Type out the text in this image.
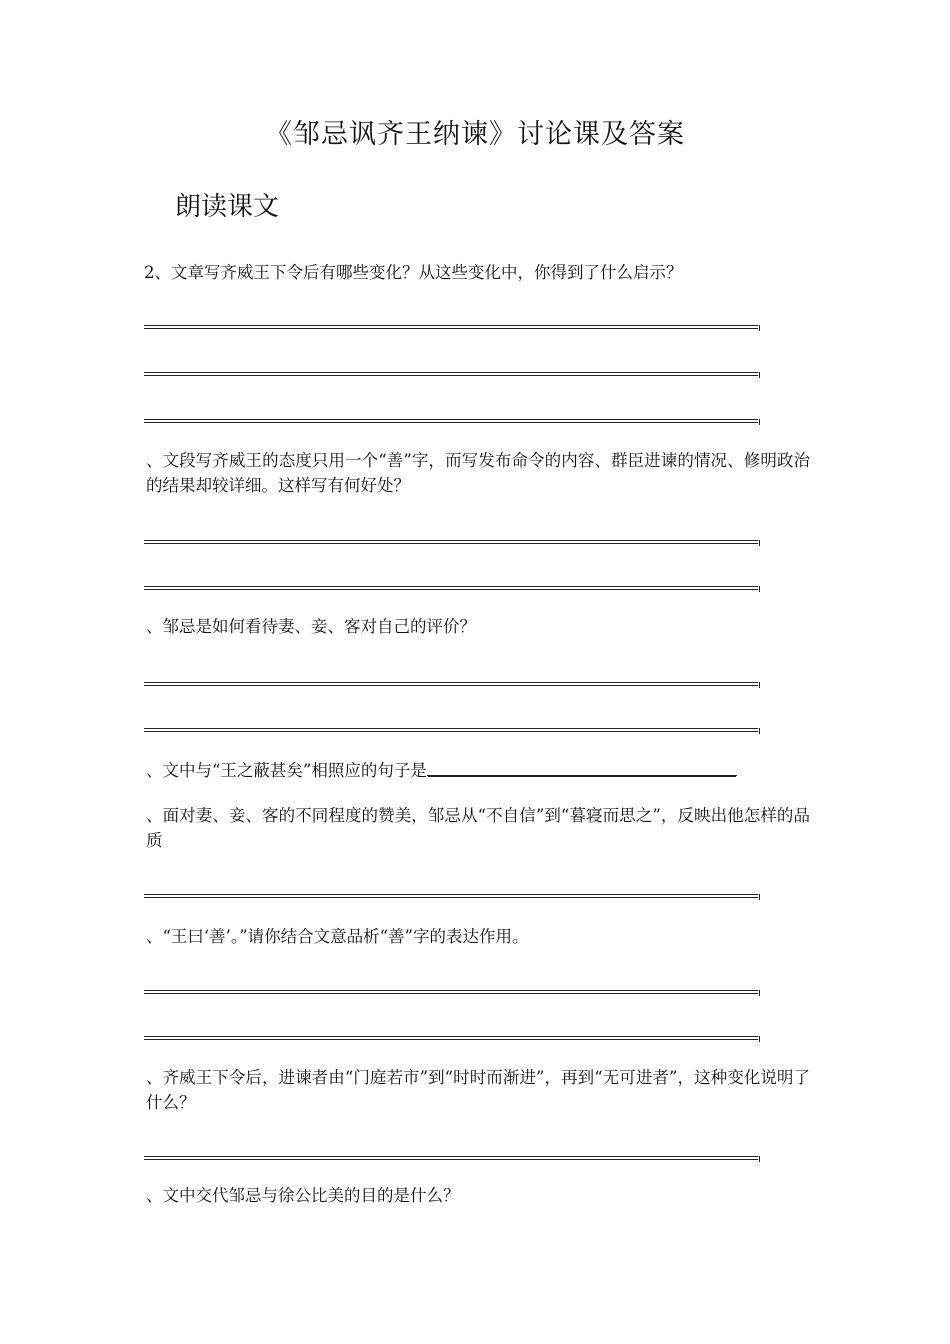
《邹忌讽齐王纳谏》讨论课及答案
朗读课文
2、文章写齐威王下令后有哪些变化？从这些变化中，你得到了什么启示？
、文段写齐威王的态度只用一个“善”字，而写发布命令的内容、群臣进谏的情况、修明政治的结果却较详细。这样写有何好处？
、邹忌是如何看待妻、妾、客对自己的评价？
、文中与“王之蔽甚矣”相照应的句子是
、面对妻、妾、客的不同程度的赞美，邹忌从“不自信”到“暮寝而思之”，反映出他怎样的品质
、“王曰‘善’。”请你结合文意品析“善”字的表达作用。
、齐威王下令后，进谏者由“门庭若市”到“时时而渐进”，再到“无可进者”，这种变化说明了什么？
、文中交代邹忌与徐公比美的目的是什么？
